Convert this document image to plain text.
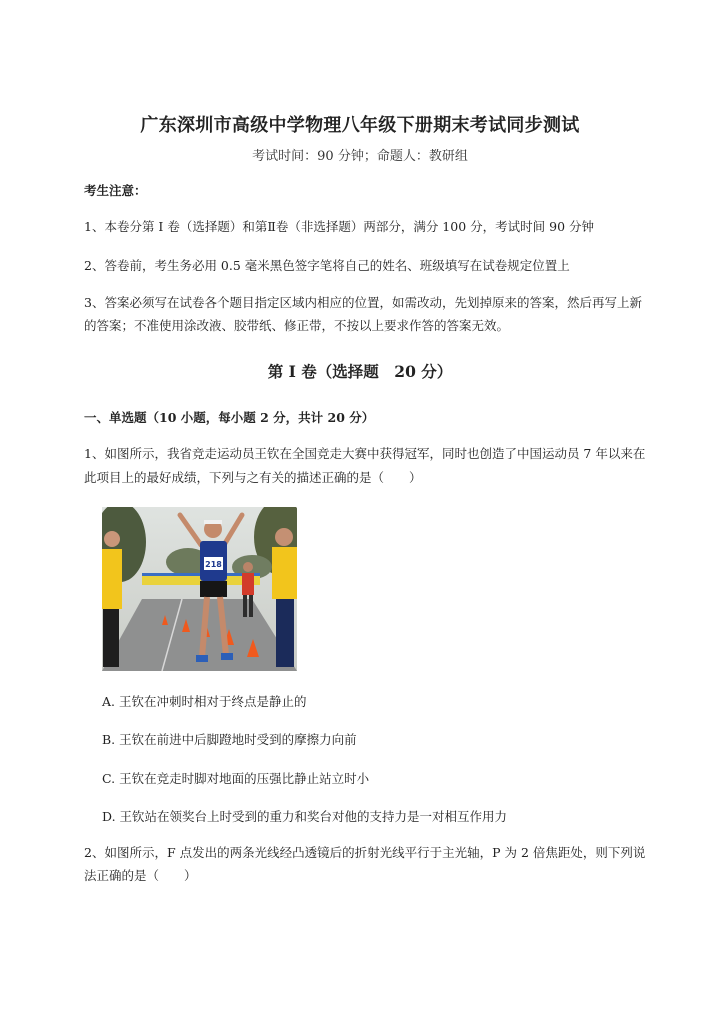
广东深圳市高级中学物理八年级下册期末考试同步测试
考试时间：90 分钟；命题人：教研组
考生注意：
1、本卷分第 I 卷（选择题）和第Ⅱ卷（非选择题）两部分，满分 100 分，考试时间 90 分钟
2、答卷前，考生务必用 0.5 毫米黑色签字笔将自己的姓名、班级填写在试卷规定位置上
3、答案必须写在试卷各个题目指定区域内相应的位置，如需改动，先划掉原来的答案，然后再写上新
的答案；不准使用涂改液、胶带纸、修正带，不按以上要求作答的答案无效。
第 I 卷（选择题　20 分）
一、单选题（10 小题，每小题 2 分，共计 20 分）
1、如图所示，我省竞走运动员王钦在全国竞走大赛中获得冠军，同时也创造了中国运动员 7 年以来在
此项目上的最好成绩，下列与之有关的描述正确的是（　　）
218
A. 王钦在冲刺时相对于终点是静止的
B. 王钦在前进中后脚蹬地时受到的摩擦力向前
C. 王钦在竞走时脚对地面的压强比静止站立时小
D. 王钦站在领奖台上时受到的重力和奖台对他的支持力是一对相互作用力
2、如图所示，F 点发出的两条光线经凸透镜后的折射光线平行于主光轴，P 为 2 倍焦距处，则下列说
法正确的是（　　）
